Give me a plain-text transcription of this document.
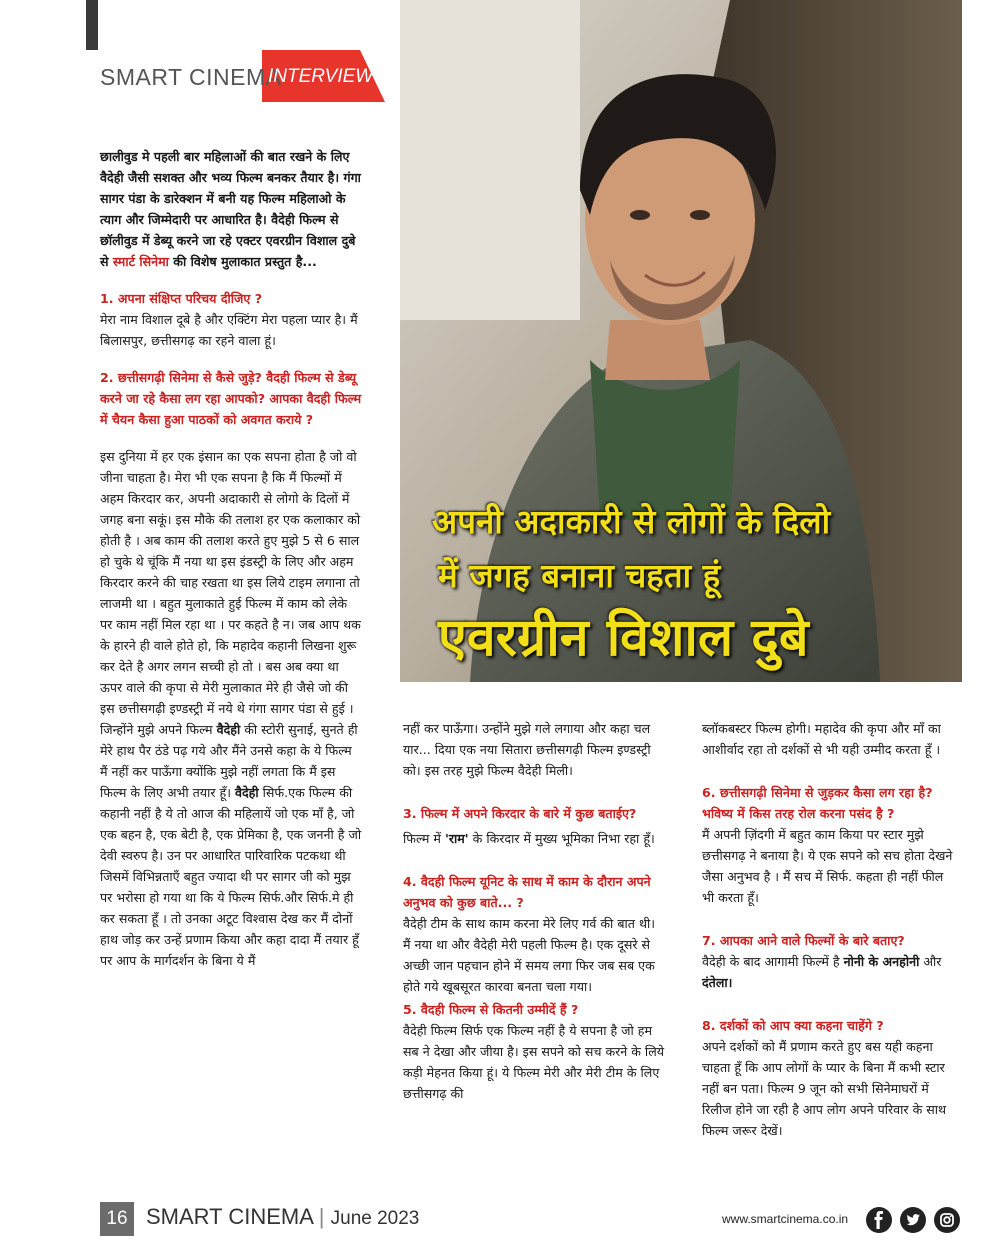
SMART CINEMA
INTERVIEW

छालीवुड मे पहली बार महिलाओं की बात रखने के लिए वैदेही जैसी सशक्त और भव्य फिल्म बनकर तैयार है। गंगा सागर पंडा के डारेक्शन में बनी यह फिल्म महिलाओ के त्याग और जिम्मेदारी पर आधारित है। वैदेही फिल्म से छॉलीवुड में डेब्यू करने जा रहे एक्टर एवरग्रीन विशाल दुबे से स्मार्ट सिनेमा की विशेष मुलाकात प्रस्तुत है...

1. अपना संक्षिप्त परिचय दीजिए ?

मेरा नाम विशाल दूबे है और एक्टिंग मेरा पहला प्यार है। मैं बिलासपुर, छत्तीसगढ़ का रहने वाला हूं।

2. छत्तीसगढ़ी सिनेमा से कैसे जुड़े? वैदही फिल्म से डेब्यू करने जा रहे कैसा लग रहा आपको? आपका वैदही फिल्म में चैयन कैसा हुआ पाठकों को अवगत कराये ?

इस दुनिया में हर एक इंसान का एक सपना होता है जो वो जीना चाहता है। मेरा भी एक सपना है कि मैं फिल्मों में अहम किरदार कर, अपनी अदाकारी से लोगो के दिलों में जगह बना सकूं। इस मौके की तलाश हर एक कलाकार को होती है । अब काम की तलाश करते हुए मुझे 5 से 6 साल हो चुके थे चूंकि मैं नया था इस इंडस्ट्री के लिए और अहम किरदार करने की चाह रखता था इस लिये टाइम लगाना तो लाजमी था । बहुत मुलाकाते हुई फिल्म में काम को लेके पर काम नहीं मिल रहा था । पर कहते है न। जब आप थक के हारने ही वाले होते हो, कि महादेव कहानी लिखना शुरू कर देते है अगर लगन सच्ची हो तो । बस अब क्या था ऊपर वाले की कृपा से मेरी मुलाकात मेरे ही जैसे जो की इस छत्तीसगढ़ी इण्डस्ट्री में नये थे गंगा सागर पंडा से हुई । जिन्होंने मुझे अपने फिल्म वैदेही की स्टोरी सुनाई, सुनते ही मेरे हाथ पैर ठंडे पढ़ गये और मैंने उनसे कहा के ये फिल्म मैं नहीं कर पाऊँगा क्योंकि मुझे नहीं लगता कि मैं इस फिल्म के लिए अभी तयार हूँ। वैदेही सिर्फ.एक फिल्म की कहानी नहीं है ये तो आज की महिलायें जो एक माँ है, जो एक बहन है, एक बेटी है, एक प्रेमिका है, एक जननी है जो देवी स्वरुप है। उन पर आधारित पारिवारिक पटकथा थी जिसमें विभिन्नताएँ बहुत ज्यादा थी पर सागर जी को मुझ पर भरोसा हो गया था कि ये फिल्म सिर्फ.और सिर्फ.मे ही कर सकता हूँ । तो उनका अटूट विश्वास देख कर मैं दोनों हाथ जोड़ कर उन्हें प्रणाम किया और कहा दादा मैं तयार हूँ पर आप के मार्गदर्शन के बिना ये मैं

अपनी अदाकारी से लोगों के दिलो
में जगह बनाना चहता हूं
एवरग्रीन विशाल दुबे

नहीं कर पाऊँगा। उन्होंने मुझे गले लगाया और कहा चल यार... दिया एक नया सितारा छत्तीसगढ़ी फिल्म इण्डस्ट्री को। इस तरह मुझे फिल्म वैदेही मिली।

3. फिल्म में अपने किरदार के बारे में कुछ बताईए?

फिल्म में 'राम' के किरदार में मुख्य भूमिका निभा रहा हूँ।

4. वैदही फिल्म यूनिट के साथ में काम के दौरान अपने अनुभव को कुछ बाते... ?

वैदेही टीम के साथ काम करना मेरे लिए गर्व की बात थी। मैं नया था और वैदेही मेरी पहली फिल्म है। एक दूसरे से अच्छी जान पहचान होने में समय लगा फिर जब सब एक होते गये खूबसूरत कारवा बनता चला गया।

5. वैदही फिल्म से कितनी उम्मीदें हैं ?

वैदेही फिल्म सिर्फ एक फिल्म नहीं है ये सपना है जो हम सब ने देखा और जीया है। इस सपने को सच करने के लिये कड़ी मेहनत किया हूं। ये फिल्म मेरी और मेरी टीम के लिए छत्तीसगढ़ की

ब्लॉकबस्टर फिल्म होगी। महादेव की कृपा और माँ का आशीर्वाद रहा तो दर्शकों से भी यही उम्मीद करता हूँ ।

6. छत्तीसगढ़ी सिनेमा से जुड़कर कैसा लग रहा है? भविष्य में किस तरह रोल करना पसंद है ?

मैं अपनी ज़िंदगी में बहुत काम किया पर स्टार मुझे छत्तीसगढ़ ने बनाया है। ये एक सपने को सच होता देखने जैसा अनुभव है । मैं सच में सिर्फ. कहता ही नहीं फील भी करता हूँ।

7. आपका आने वाले फिल्मों के बारे बताए?

वैदेही के बाद आगामी फिल्में है नोनी के अनहोनी और दंतेला।

8. दर्शकों को आप क्या कहना चाहेंगे ?

अपने दर्शकों को मैं प्रणाम करते हुए बस यही कहना चाहता हूँ कि आप लोगों के प्यार के बिना मैं कभी स्टार नहीं बन पता। फिल्म 9 जून को सभी सिनेमाघरों में रिलीज होने जा रही है आप लोग अपने परिवार के साथ फिल्म जरूर देखें।

16 SMART CINEMA | June 2023	www.smartcinema.co.in
